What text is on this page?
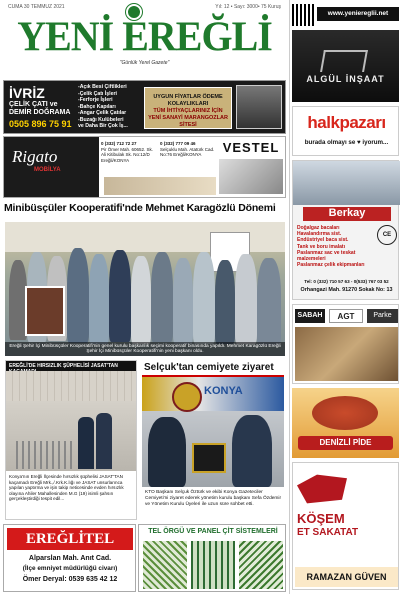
CUMA 30 TEMMUZ 2021	Yıl: 12 • Sayı: 3000• 75 Kuruş
YENİ EREĞLİ
"Günlük Yerel Gazete"
İVRİZ
ÇELİK ÇATI ve
DEMİR DOĞRAMA
0505 896 75 91
-Açık Besi Çiftlikleri
-Çelik Çatı İşleri
-Ferforje İşleri
-Bahçe Kapıları
-Angar Çelik Çatılar
-Buzağı Kulübeleri
ve Daha Bir Çok İş...
UYGUN FİYATLAR ÖDEME KOLAYLIKLARI
TÜM İHTİYAÇLARINIZ İÇİN YENİ SANAYİ MARANGOZLAR SİTESİ
Rigato
MOBİLYA
0 (332) 712 72 27
Pir Ömer Mah. 60652. Sk. Ali Kitibulak Sk. No:12/D Ereğli/KONYA
0 (332) 777 09 46
Selçuklu Mah. Atatürk Cad. No:76 Ereğli/KONYA	VESTEL
Minibüsçüler Kooperatifi'nde Mehmet Karagözlü Dönemi
Ereğli Şehir İçi Minibüsçüler Kooperatifi'nin genel kurulu başkanlık seçimi kooperatif binasında yapıldı. Mehmet Karagözlü Ereğli Şehir İçi Minibüsçüler Kooperatifi'nin yeni başkanı oldu.
EREĞLİ'DE HIRSIZLIK ŞÜPHELİSİ JASAT'TAN
Konya'nın Ereğli İlçesinde hırsızlık şüphelisi JASAT'TAN kaçamadı Ereğli Mrk.,/.Krk.K.lığı ve JASAT unsurlarınca yapılan yaptırma ve işin takip neticesinde evden hırsızlık olayına Ahiler Mahallesinden M.G (19) isimli şahsın gerçekleştirdiği tespit edil...
Selçuk'tan cemiyete ziyaret
KONYA
KTO Başkanı Selçuk Öztürk ve ekibi Konya Gazeteciler Cemiyeti'ni ziyaret ederek yönetim kurulu başkanı Sefa Özdemir ve Yönetim Kurulu Üyeleri ile uzun süre sohbet etti.
EREĞLİTEL
Alparslan Mah. Anıt Cad.
(İlçe emniyet müdürlüğü civarı)
Ömer Deryal: 0539 635 42 12
TEL ÖRGÜ VE PANEL ÇİT SİSTEMLERİ
www.yeniereglii.net
ALGÜL İNŞAAT
halkpazarı
burada olmayı se ♥ iyorum...
Berkay
Doğalgaz bacaları
Havalandırma sist.
Endüstriyel baca sist.
Tank ve boru imalatı
Paslanmaz sac ve teskat malzemeleri
Paslanmaz çelik ekipmanları
CE
Tel: 0 (332) 710 57 63 - 0(533) 767 03 52
Orhangazi Mah. 91270 Sokak No: 13
SABAH	AGT	Parke
DENİZLİ PİDE
KÖŞEM
ET SAKATAT
RAMAZAN GÜVEN
